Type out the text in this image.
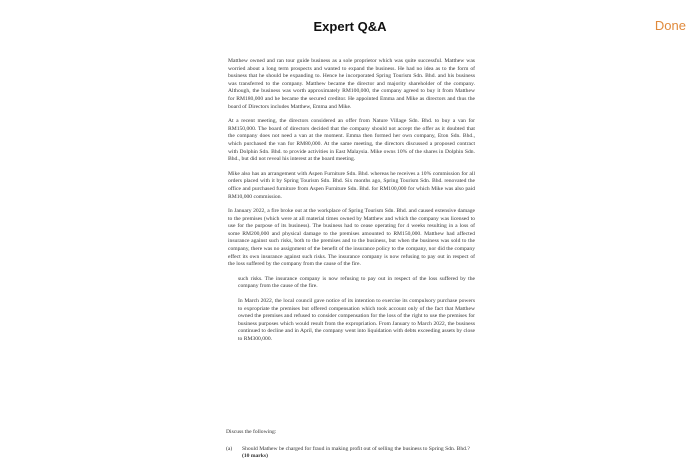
Expert Q&A	Done

Matthew owned and ran tour guide business as a sole proprietor which was quite successful. Matthew was worried about a long term prospects and wanted to expand the business. He had no idea as to the form of business that he should be expanding to. Hence he incorporated Spring Tourism Sdn. Bhd. and his business was transferred to the company. Matthew became the director and majority shareholder of the company. Although, the business was worth approximately RM100,000, the company agreed to buy it from Matthew for RM180,000 and he became the secured creditor. He appointed Emma and Mike as directors and thus the board of Directors includes Matthew, Emma and Mike.

At a recent meeting, the directors considered an offer from Nature Village Sdn. Bhd. to buy a van for RM150,000. The board of directors decided that the company should not accept the offer as it doubted that the company does not need a van at the moment. Emma then formed her own company, Eton Sdn. Bhd., which purchased the van for RM80,000. At the same meeting, the directors discussed a proposed contract with Dolphin Sdn. Bhd. to provide activities in East Malaysia. Mike owns 10% of the shares in Dolphin Sdn. Bhd., but did not reveal his interest at the board meeting.

Mike also has an arrangement with Aspen Furniture Sdn. Bhd. whereas he receives a 10% commission for all orders placed with it by Spring Tourism Sdn. Bhd. Six months ago, Spring Tourism Sdn. Bhd. renovated the office and purchased furniture from Aspen Furniture Sdn. Bhd. for RM100,000 for which Mike was also paid RM10,000 commission.

In January 2022, a fire broke out at the workplace of Spring Tourism Sdn. Bhd. and caused extensive damage to the premises (which were at all material times owned by Matthew and which the company was licensed to use for the purpose of its business). The business had to cease operating for 4 weeks resulting in a loss of some RM200,000 and physical damage to the premises amounted to RM150,000. Matthew had affected insurance against such risks, both to the premises and to the business, but when the business was sold to the company, there was no assignment of the benefit of the insurance policy to the company, nor did the company effect its own insurance against such risks. The insurance company is now refusing to pay out in respect of the loss suffered by the company from the cause of the fire.

such risks. The insurance company is now refusing to pay out in respect of the loss suffered by the company from the cause of the fire.

In March 2022, the local council gave notice of its intention to exercise its compulsory purchase powers to expropriate the premises but offered compensation which took account only of the fact that Matthew owned the premises and refused to consider compensation for the loss of the right to use the premises for business purposes which would result from the expropriation. From January to March 2022, the business continued to decline and in April, the company went into liquidation with debts exceeding assets by close to RM300,000.

Discuss the following:
(a)	Should Mathew be charged for fraud in making profit out of selling the business to Spring Sdn. Bhd.? (10 marks)
